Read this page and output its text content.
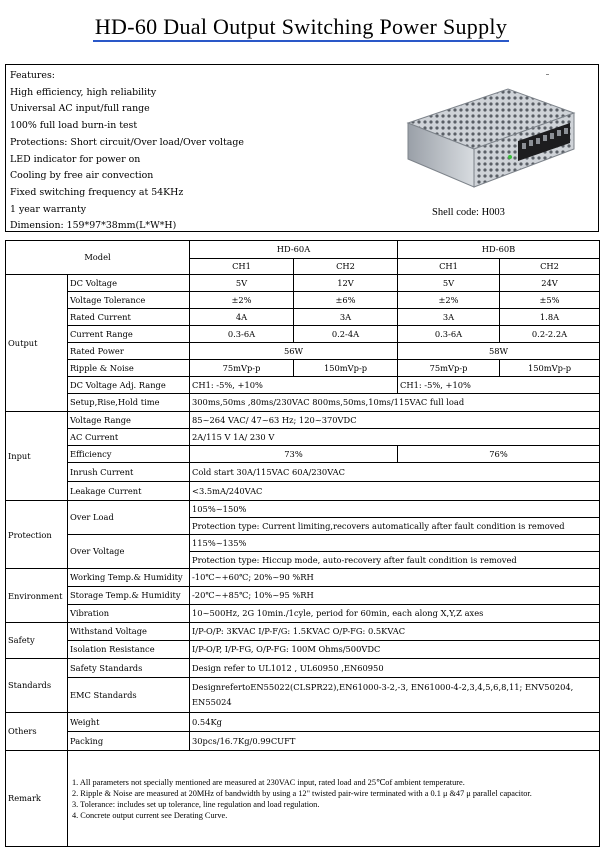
HD-60 Dual Output Switching Power Supply
Features:
High efficiency, high reliability
Universal AC input/full range
100% full load burn-in test
Protections: Short circuit/Over load/Over voltage
LED indicator for power on
Cooling by free air convection
Fixed switching frequency at 54KHz
1 year warranty
Dimension: 159*97*38mm(L*W*H)
Shell code: H003
Model		HD-60A		HD-60B	
		CH1	CH2	CH1	CH2
Output	DC Voltage	5V	12V	5V	24V
	Voltage Tolerance	±2%	±6%	±2%	±5%
	Rated Current	4A	3A	3A	1.8A
	Current Range	0.3-6A	0.2-4A	0.3-6A	0.2-2.2A
	Rated Power	56W		58W	
	Ripple & Noise	75mVp-p	150mVp-p	75mVp-p	150mVp-p
	DC Voltage Adj. Range	CH1: -5%, +10%		CH1: -5%, +10%	
	Setup,Rise,Hold time	300ms,50ms ,80ms/230VAC 800ms,50ms,10ms/115VAC full load			
Input	Voltage Range	85~264 VAC/ 47~63 Hz; 120~370VDC			
	AC Current	2A/115 V 1A/ 230 V			
	Efficiency	73%		76%	
	Inrush Current	Cold start 30A/115VAC 60A/230VAC			
	Leakage Current	<3.5mA/240VAC			
Protection	Over Load	105%~150%			
		Protection type: Current limiting,recovers automatically after fault condition is removed			
	Over Voltage	115%~135%			
		Protection type: Hiccup mode, auto-recovery after fault condition is removed			
Environment	Working Temp.& Humidity	-10℃~+60℃; 20%~90 %RH			
	Storage Temp.& Humidity	-20℃~+85℃; 10%~95 %RH			
	Vibration	10~500Hz, 2G 10min./1cyle, period for 60min, each along X,Y,Z axes			
Safety	Withstand Voltage	I/P-O/P: 3KVAC I/P-F/G: 1.5KVAC O/P-FG: 0.5KVAC			
	Isolation Resistance	I/P-O/P, I/P-FG, O/P-FG: 100M Ohms/500VDC			
Standards	Safety Standards	Design refer to UL1012 , UL60950 ,EN60950			
	EMC Standards	DesignrefertoEN55022(CLSPR22),EN61000-3-2,-3, EN61000-4-2,3,4,5,6,8,11; ENV50204,
EN55024			

Others	Weight	0.54Kg			
	Packing	30pcs/16.7Kg/0.99CUFT			
Remark	1. All parameters not specially mentioned are measured at 230VAC input, rated load and 25℃of ambient temperature.
2. Ripple & Noise are measured at 20MHz of bandwidth by using a 12" twisted pair-wire terminated with a 0.1 μ &47 μ parallel capacitor.
3. Tolerance: includes set up tolerance, line regulation and load regulation.
4. Concrete output current see Derating Curve.				
